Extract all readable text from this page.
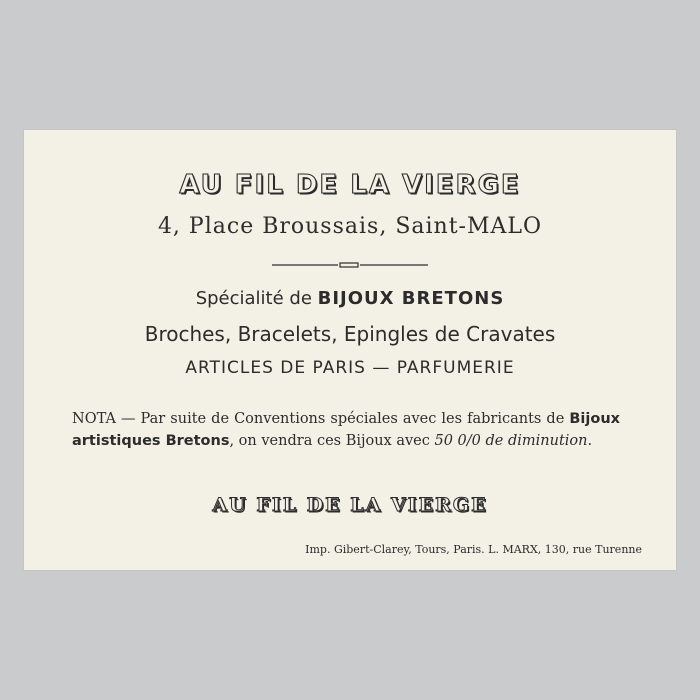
AU FIL DE LA VIERGE
4, Place Broussais, Saint-MALO
Spécialité de BIJOUX BRETONS
Broches, Bracelets, Epingles de Cravates
ARTICLES DE PARIS — PARFUMERIE
NOTA — Par suite de Conventions spéciales avec les fabricants de Bijoux artistiques Bretons, on vendra ces Bijoux avec 50 0/0 de diminution.
AU FIL DE LA VIERGE
Imp. Gibert-Clarey, Tours, Paris. L. MARX, 130, rue Turenne
